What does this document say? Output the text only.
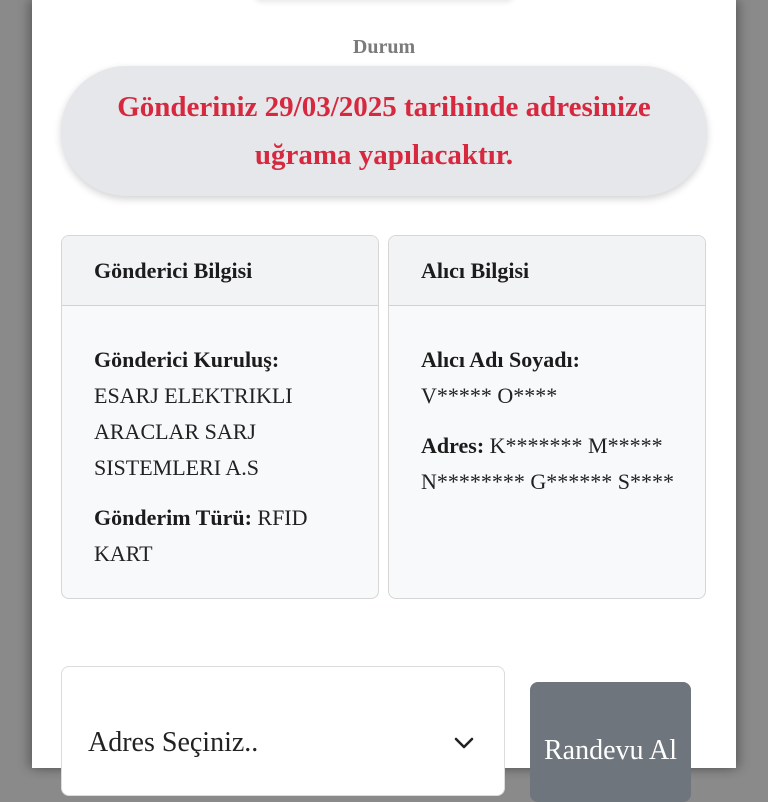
Durum
Gönderiniz 29/03/2025 tarihinde adresinize uğrama yapılacaktır.
Gönderici Bilgisi
Gönderici Kuruluş:
ESARJ ELEKTRIKLI ARACLAR SARJ SISTEMLERI A.S
Gönderim Türü: RFID KART
Alıcı Bilgisi
Alıcı Adı Soyadı:
V***** O****
Adres: K******* M***** N******** G****** S****
Adres Seçiniz..	Randevu Al
